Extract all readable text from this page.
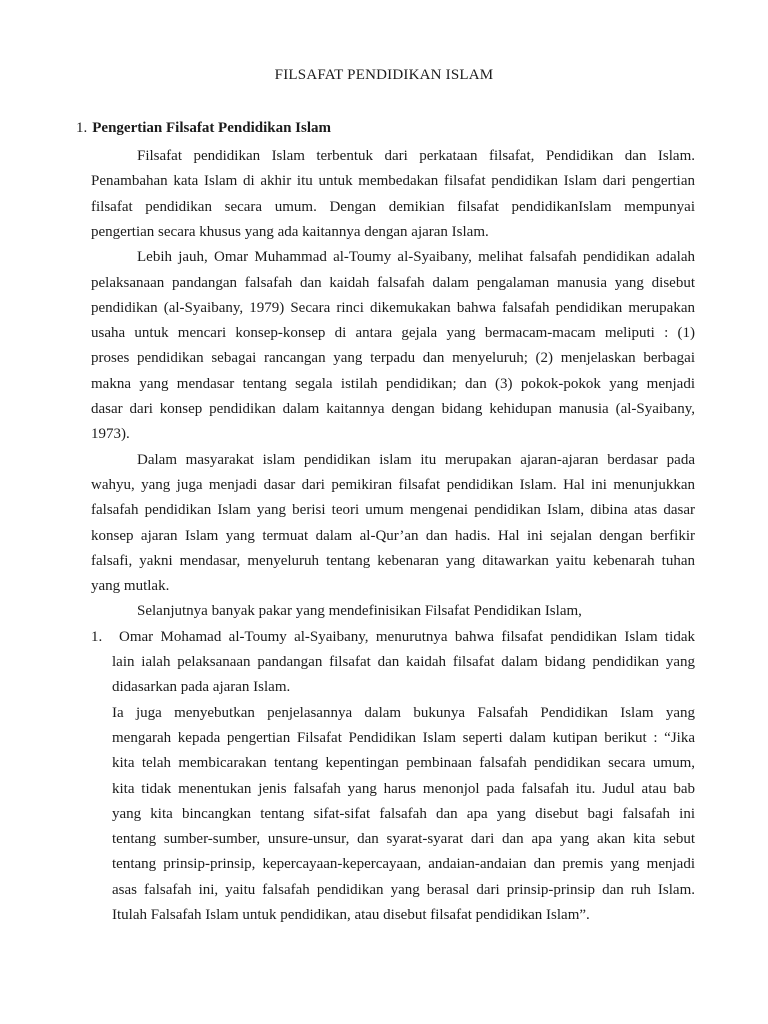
FILSAFAT PENDIDIKAN ISLAM
1. Pengertian Filsafat Pendidikan Islam
Filsafat pendidikan Islam terbentuk dari perkataan filsafat, Pendidikan dan Islam.
Penambahan kata Islam di akhir itu untuk membedakan filsafat pendidikan Islam dari pengertian
filsafat pendidikan secara umum. Dengan demikian filsafat pendidikanIslam mempunyai
pengertian secara khusus yang ada kaitannya dengan ajaran Islam.
Lebih jauh, Omar Muhammad al-Toumy al-Syaibany, melihat falsafah pendidikan adalah
pelaksanaan pandangan falsafah dan kaidah falsafah dalam pengalaman manusia yang disebut
pendidikan (al-Syaibany, 1979) Secara rinci dikemukakan bahwa falsafah pendidikan merupakan
usaha untuk mencari konsep-konsep di antara gejala yang bermacam-macam meliputi : (1)
proses pendidikan sebagai rancangan yang terpadu dan menyeluruh; (2) menjelaskan berbagai
makna yang mendasar tentang segala istilah pendidikan; dan (3) pokok-pokok yang menjadi
dasar dari konsep pendidikan dalam kaitannya dengan bidang kehidupan manusia (al-Syaibany,
1973).
Dalam masyarakat islam pendidikan islam itu merupakan ajaran-ajaran berdasar pada
wahyu, yang juga menjadi dasar dari pemikiran filsafat pendidikan Islam. Hal ini menunjukkan
falsafah pendidikan Islam yang berisi teori umum mengenai pendidikan Islam, dibina atas dasar
konsep ajaran Islam yang termuat dalam al-Qur’an dan hadis. Hal ini sejalan dengan berfikir
falsafi, yakni mendasar, menyeluruh tentang kebenaran yang ditawarkan yaitu kebenarah tuhan
yang mutlak.
Selanjutnya banyak pakar yang mendefinisikan Filsafat Pendidikan Islam,
1. Omar Mohamad al-Toumy al-Syaibany, menurutnya bahwa filsafat pendidikan Islam tidak
lain ialah pelaksanaan pandangan filsafat dan kaidah filsafat dalam bidang pendidikan yang
didasarkan pada ajaran Islam.
Ia juga menyebutkan penjelasannya dalam bukunya Falsafah Pendidikan Islam yang
mengarah kepada pengertian Filsafat Pendidikan Islam seperti dalam kutipan berikut : “Jika
kita telah membicarakan tentang kepentingan pembinaan falsafah pendidikan secara umum,
kita tidak menentukan jenis falsafah yang harus menonjol pada falsafah itu. Judul atau bab
yang kita bincangkan tentang sifat-sifat falsafah dan apa yang disebut bagi falsafah ini
tentang sumber-sumber, unsure-unsur, dan syarat-syarat dari dan apa yang akan kita sebut
tentang prinsip-prinsip, kepercayaan-kepercayaan, andaian-andaian dan premis yang menjadi
asas falsafah ini, yaitu falsafah pendidikan yang berasal dari prinsip-prinsip dan ruh Islam.
Itulah Falsafah Islam untuk pendidikan, atau disebut filsafat pendidikan Islam”.
